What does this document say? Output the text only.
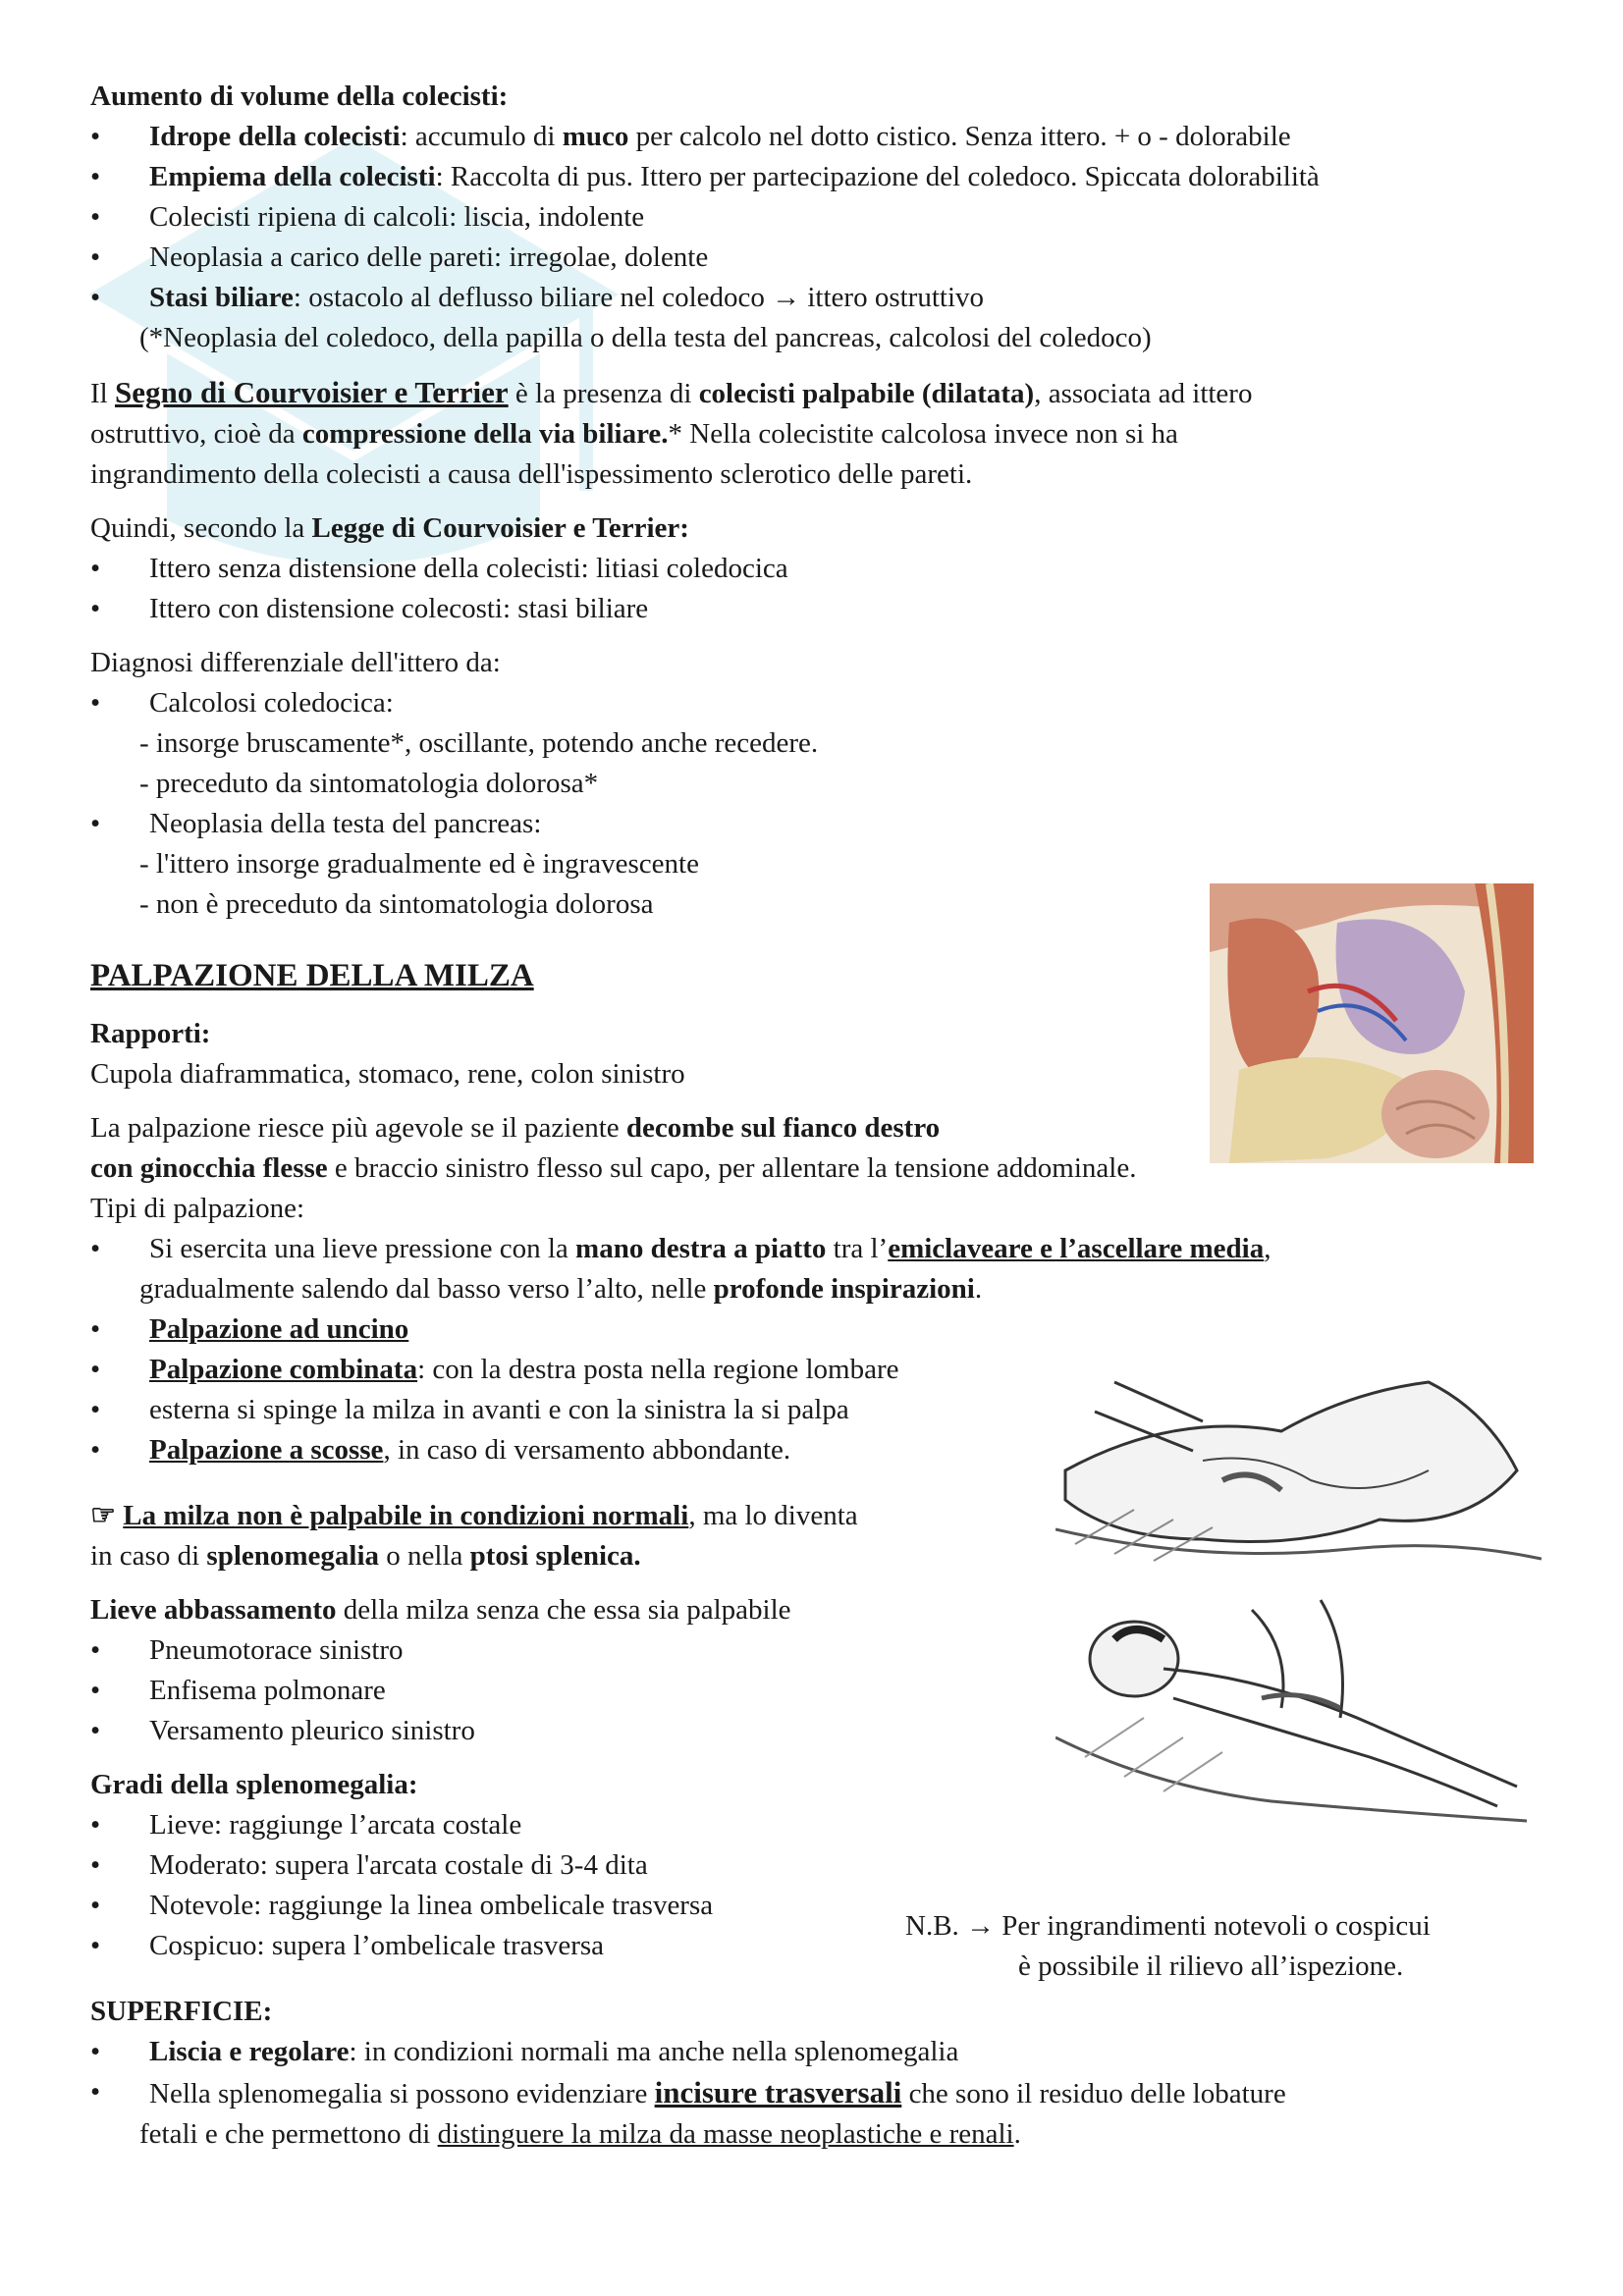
Aumento di volume della colecisti:
• Idrope della colecisti: accumulo di muco per calcolo nel dotto cistico. Senza ittero. + o - dolorabile
• Empiema della colecisti: Raccolta di pus. Ittero per partecipazione del coledoco. Spiccata dolorabilità
• Colecisti ripiena di calcoli: liscia, indolente
• Neoplasia a carico delle pareti: irregolae, dolente
• Stasi biliare: ostacolo al deflusso biliare nel coledoco → ittero ostruttivo
(*Neoplasia del coledoco, della papilla o della testa del pancreas, calcolosi del coledoco)
Il Segno di Courvoisier e Terrier è la presenza di colecisti palpabile (dilatata), associata ad ittero
ostruttivo, cioè da compressione della via biliare.* Nella colecistite calcolosa invece non si ha
ingrandimento della colecisti a causa dell'ispessimento sclerotico delle pareti.
Quindi, secondo la Legge di Courvoisier e Terrier:
• Ittero senza distensione della colecisti: litiasi coledocica
• Ittero con distensione colecosti: stasi biliare
Diagnosi differenziale dell'ittero da:
• Calcolosi coledocica:
- insorge bruscamente*, oscillante, potendo anche recedere.
- preceduto da sintomatologia dolorosa*
• Neoplasia della testa del pancreas:
- l'ittero insorge gradualmente ed è ingravescente
- non è preceduto da sintomatologia dolorosa
PALPAZIONE DELLA MILZA
Rapporti:
Cupola diaframmatica, stomaco, rene, colon sinistro
La palpazione riesce più agevole se il paziente decombe sul fianco destro
con ginocchia flesse e braccio sinistro flesso sul capo, per allentare la tensione addominale.
Tipi di palpazione:
• Si esercita una lieve pressione con la mano destra a piatto tra l’emiclaveare e l’ascellare media,
gradualmente salendo dal basso verso l’alto, nelle profonde inspirazioni.
• Palpazione ad uncino
• Palpazione combinata: con la destra posta nella regione lombare
• esterna si spinge la milza in avanti e con la sinistra la si palpa
• Palpazione a scosse, in caso di versamento abbondante.
☞ La milza non è palpabile in condizioni normali, ma lo diventa
in caso di splenomegalia o nella ptosi splenica.
Lieve abbassamento della milza senza che essa sia palpabile
• Pneumotorace sinistro
• Enfisema polmonare
• Versamento pleurico sinistro
Gradi della splenomegalia:
• Lieve: raggiunge l’arcata costale
• Moderato: supera l'arcata costale di 3-4 dita
• Notevole: raggiunge la linea ombelicale trasversa
• Cospicuo: supera l’ombelicale trasversa
SUPERFICIE:
• Liscia e regolare: in condizioni normali ma anche nella splenomegalia
• Nella splenomegalia si possono evidenziare incisure trasversali che sono il residuo delle lobature
fetali e che permettono di distinguere la milza da masse neoplastiche e renali.
N.B. → Per ingrandimenti notevoli o cospicui
è possibile il rilievo all’ispezione.
